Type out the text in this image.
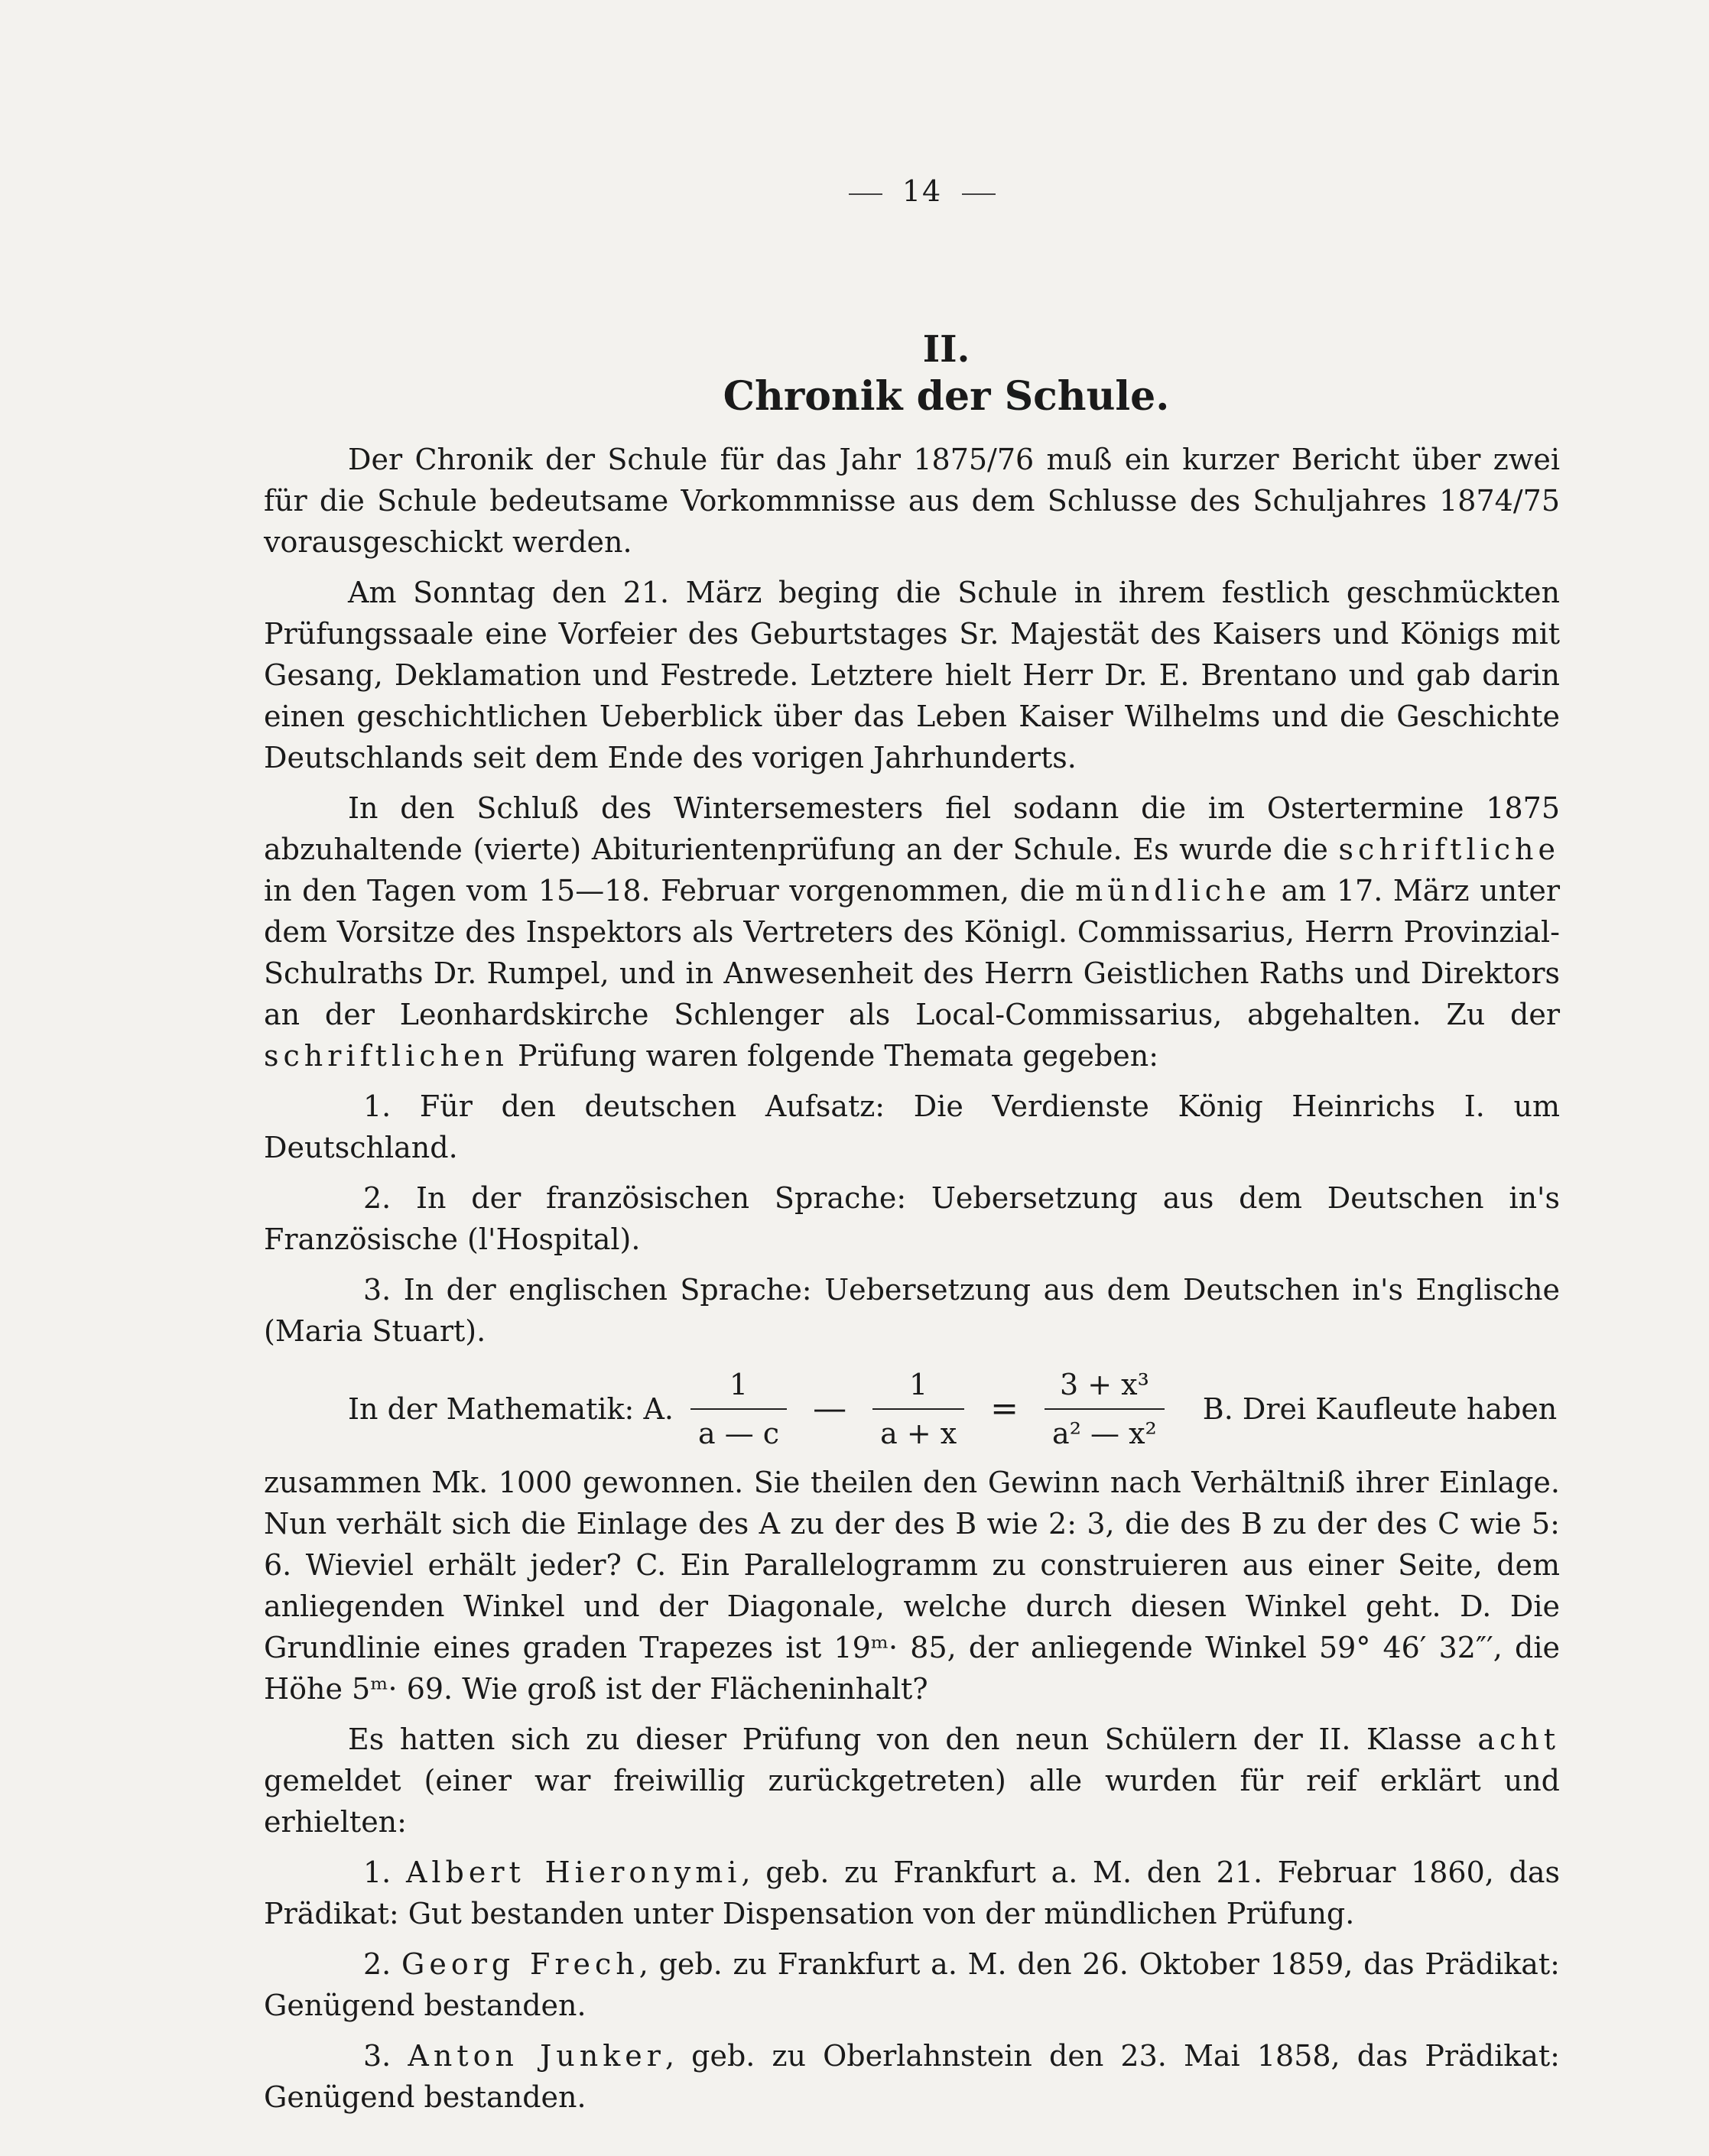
14
II.
Chronik der Schule.

Der Chronik der Schule für das Jahr 1875/76 muß ein kurzer Bericht über zwei für die Schule bedeutsame Vorkommnisse aus dem Schlusse des Schuljahres 1874/75 vorausgeschickt werden.

Am Sonntag den 21. März beging die Schule in ihrem festlich geschmückten Prüfungssaale eine Vorfeier des Geburtstages Sr. Majestät des Kaisers und Königs mit Gesang, Deklamation und Festrede. Letztere hielt Herr Dr. E. Brentano und gab darin einen geschichtlichen Ueberblick über das Leben Kaiser Wilhelms und die Geschichte Deutschlands seit dem Ende des vorigen Jahrhunderts.

In den Schluß des Wintersemesters fiel sodann die im Ostertermine 1875 abzuhaltende (vierte) Abiturientenprüfung an der Schule. Es wurde die schriftliche in den Tagen vom 15—18. Februar vorgenommen, die mündliche am 17. März unter dem Vorsitze des Inspektors als Vertreters des Königl. Commissarius, Herrn Provinzial-Schulraths Dr. Rumpel, und in Anwesenheit des Herrn Geistlichen Raths und Direktors an der Leonhardskirche Schlenger als Local-Commissarius, abgehalten. Zu der schriftlichen Prüfung waren folgende Themata gegeben:

1. Für den deutschen Aufsatz: Die Verdienste König Heinrichs I. um Deutschland.

2. In der französischen Sprache: Uebersetzung aus dem Deutschen in's Französische (l'Hospital).

3. In der englischen Sprache: Uebersetzung aus dem Deutschen in's Englische (Maria Stuart).

In der Mathematik: A. $\frac{1}{a — c}$ — $\frac{1}{a + x} = \frac{\text{3 + x³}}{\text{a² — x²}} B$. Drei Kaufleute haben

zusammen Mk. 1000 gewonnen. Sie theilen den Gewinn nach Verhältniß ihrer Einlage. Nun verhält sich die Einlage des A zu der des B wie 2: 3, die des B zu der des C wie 5: 6. Wieviel erhält jeder? C. Ein Parallelogramm zu construieren aus einer Seite, dem anliegenden Winkel und der Diagonale, welche durch diesen Winkel geht. D. Die Grundlinie eines graden Trapezes ist 19ᵐ· 85, der anliegende Winkel 59° 46′ 32″′, die Höhe 5ᵐ· 69. Wie groß ist der Flächeninhalt?

Es hatten sich zu dieser Prüfung von den neun Schülern der II. Klasse acht gemeldet (einer war freiwillig zurückgetreten) alle wurden für reif erklärt und erhielten:

1. Albert Hieronymi, geb. zu Frankfurt a. M. den 21. Februar 1860, das Prädikat: Gut bestanden unter Dispensation von der mündlichen Prüfung.

2. Georg Frech, geb. zu Frankfurt a. M. den 26. Oktober 1859, das Prädikat: Genügend bestanden.

3. Anton Junker, geb. zu Oberlahnstein den 23. Mai 1858, das Prädikat: Genügend bestanden.
